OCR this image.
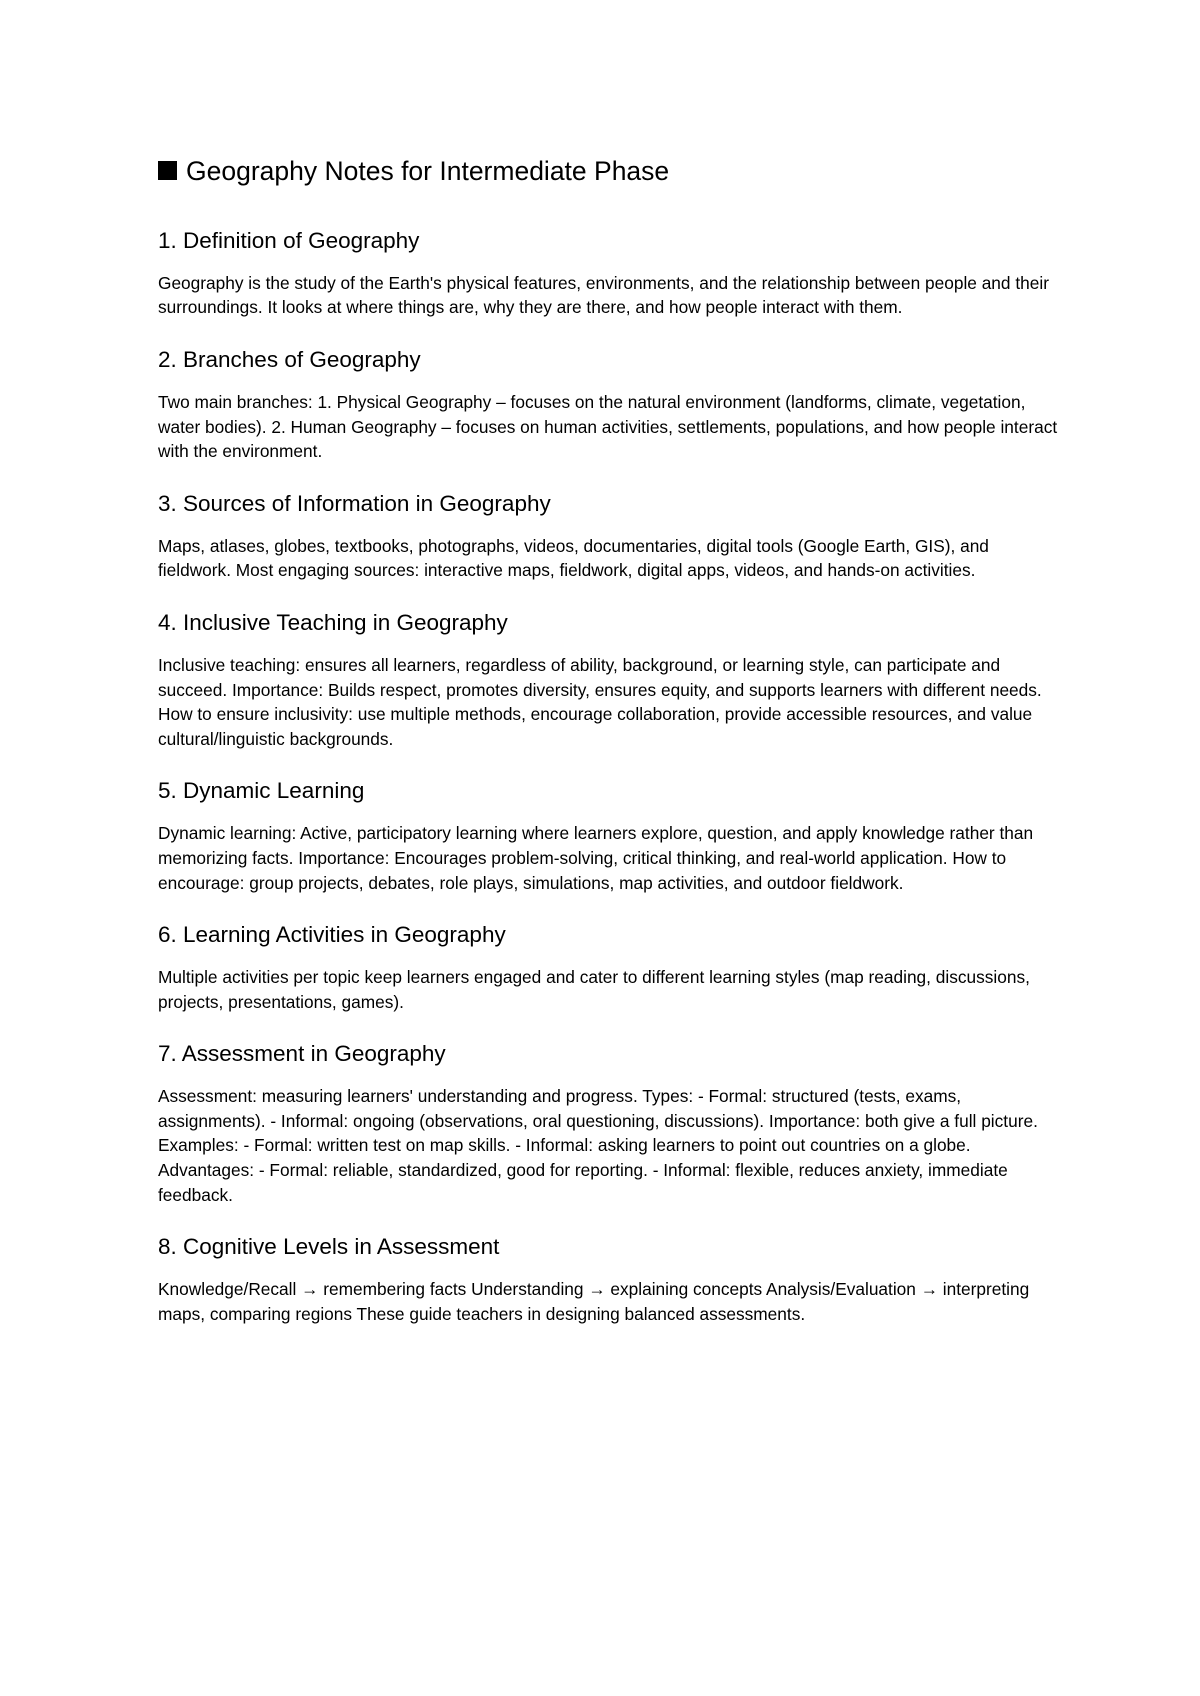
Geography Notes for Intermediate Phase
1. Definition of Geography

Geography is the study of the Earth's physical features, environments, and the relationship between people and their surroundings. It looks at where things are, why they are there, and how people interact with them.

2. Branches of Geography

Two main branches: 1. Physical Geography – focuses on the natural environment (landforms, climate, vegetation, water bodies). 2. Human Geography – focuses on human activities, settlements, populations, and how people interact with the environment.

3. Sources of Information in Geography

Maps, atlases, globes, textbooks, photographs, videos, documentaries, digital tools (Google Earth, GIS), and fieldwork. Most engaging sources: interactive maps, fieldwork, digital apps, videos, and hands-on activities.

4. Inclusive Teaching in Geography

Inclusive teaching: ensures all learners, regardless of ability, background, or learning style, can participate and succeed. Importance: Builds respect, promotes diversity, ensures equity, and supports learners with different needs. How to ensure inclusivity: use multiple methods, encourage collaboration, provide accessible resources, and value cultural/linguistic backgrounds.

5. Dynamic Learning

Dynamic learning: Active, participatory learning where learners explore, question, and apply knowledge rather than memorizing facts. Importance: Encourages problem-solving, critical thinking, and real-world application. How to encourage: group projects, debates, role plays, simulations, map activities, and outdoor fieldwork.

6. Learning Activities in Geography

Multiple activities per topic keep learners engaged and cater to different learning styles (map reading, discussions, projects, presentations, games).

7. Assessment in Geography

Assessment: measuring learners' understanding and progress. Types: - Formal: structured (tests, exams, assignments). - Informal: ongoing (observations, oral questioning, discussions). Importance: both give a full picture. Examples: - Formal: written test on map skills. - Informal: asking learners to point out countries on a globe. Advantages: - Formal: reliable, standardized, good for reporting. - Informal: flexible, reduces anxiety, immediate feedback.

8. Cognitive Levels in Assessment

Knowledge/Recall → remembering facts Understanding → explaining concepts Analysis/Evaluation → interpreting maps, comparing regions These guide teachers in designing balanced assessments.
